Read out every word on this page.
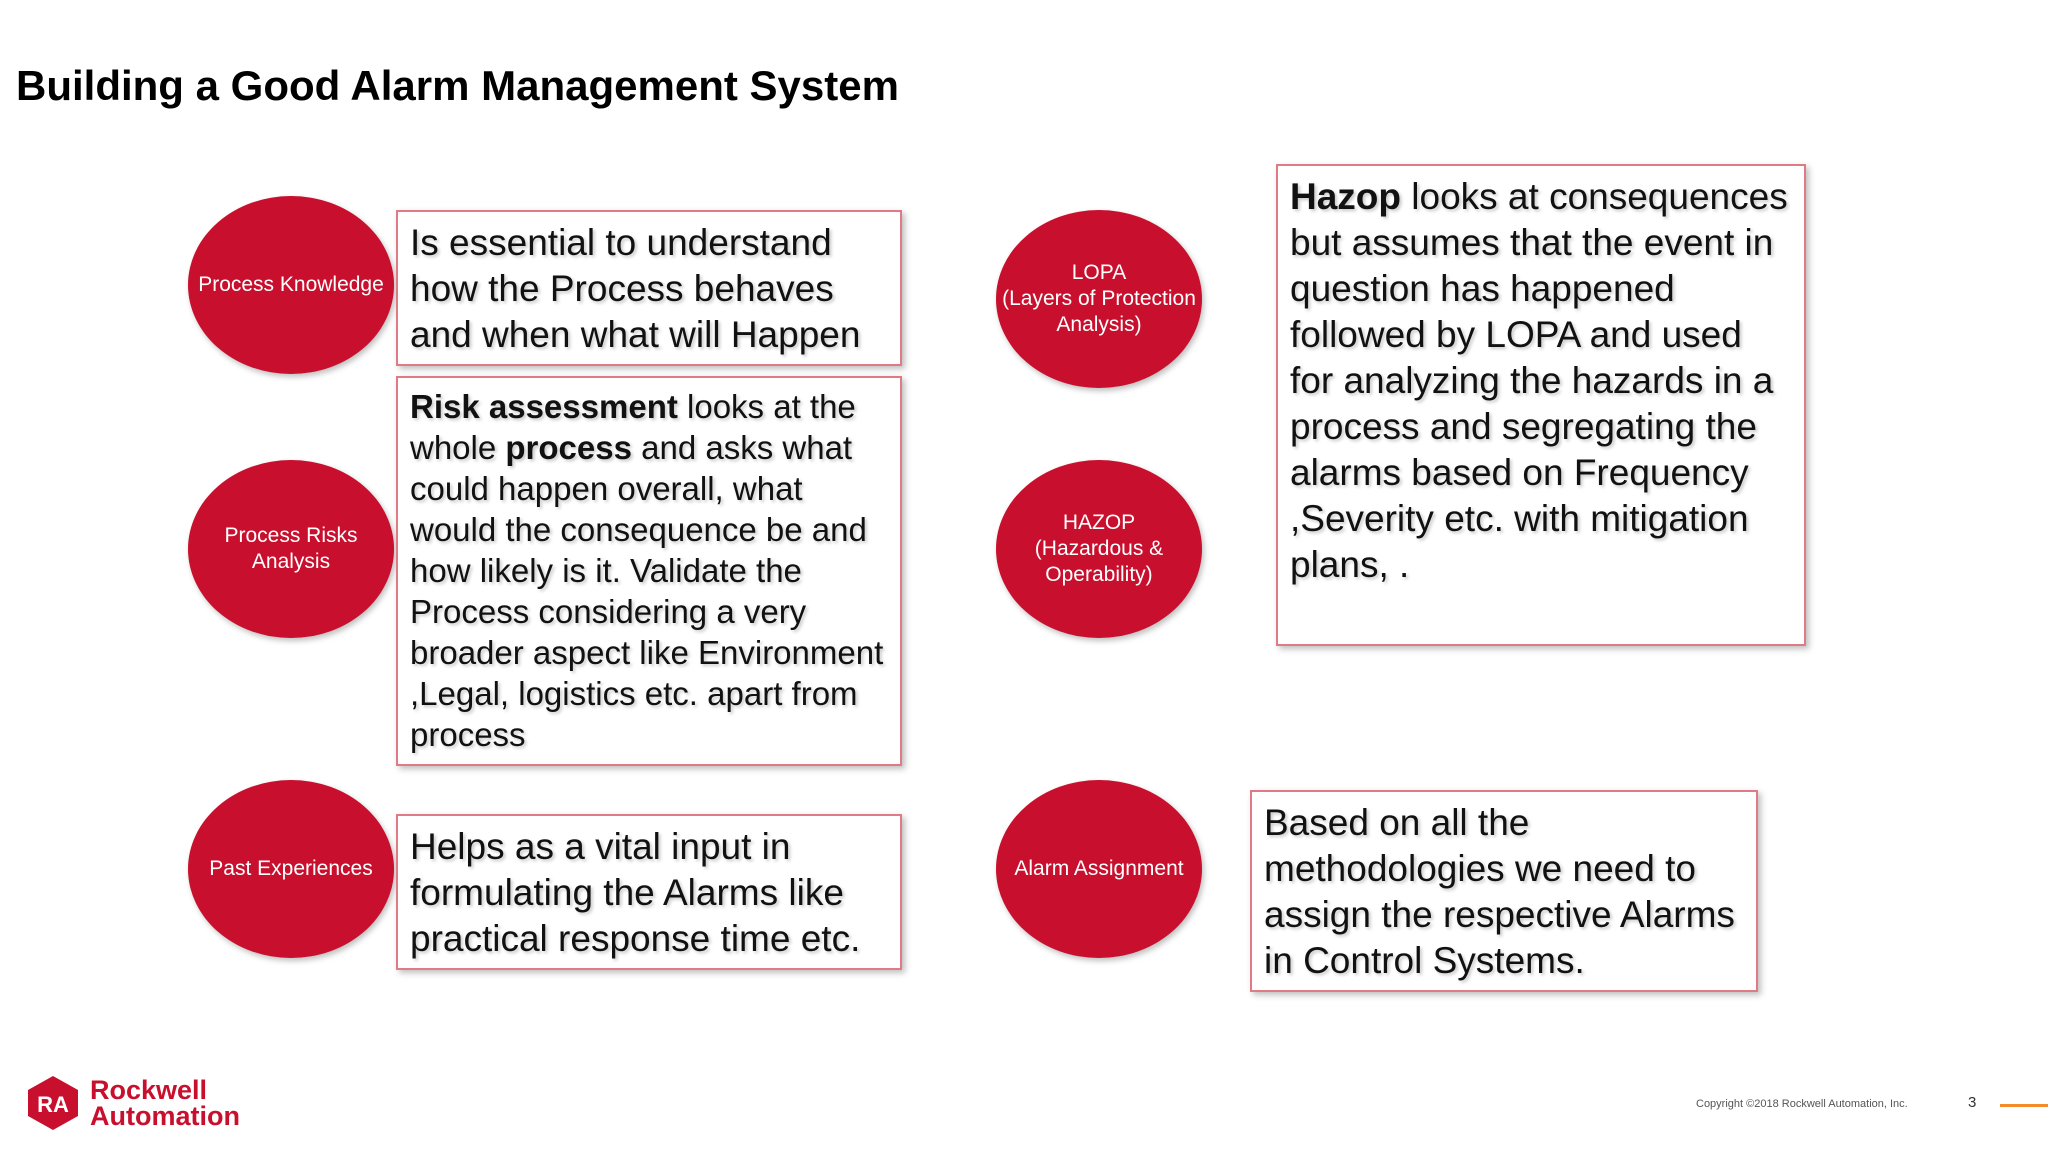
Building a Good Alarm Management System
Process Knowledge
Process Risks
Analysis
Past Experiences
LOPA
(Layers of Protection
Analysis)
HAZOP
(Hazardous &
Operability)
Alarm Assignment
Is essential to understand how the Process behaves and when what will Happen
Risk assessment looks at the whole process and asks what could happen overall, what would the consequence be and how likely is it. Validate the Process considering a very broader aspect like Environment ,Legal, logistics etc. apart from process
Helps as a vital input in formulating the Alarms like practical response time etc.
Hazop looks at consequences but assumes that the event in question has happened followed by LOPA and used for analyzing the hazards in a process and segregating the alarms based on Frequency ,Severity etc. with mitigation plans, .
Based on all the methodologies we need to assign the respective Alarms in Control Systems.
RA Rockwell
Automation	Copyright ©2018 Rockwell Automation, Inc.	3
